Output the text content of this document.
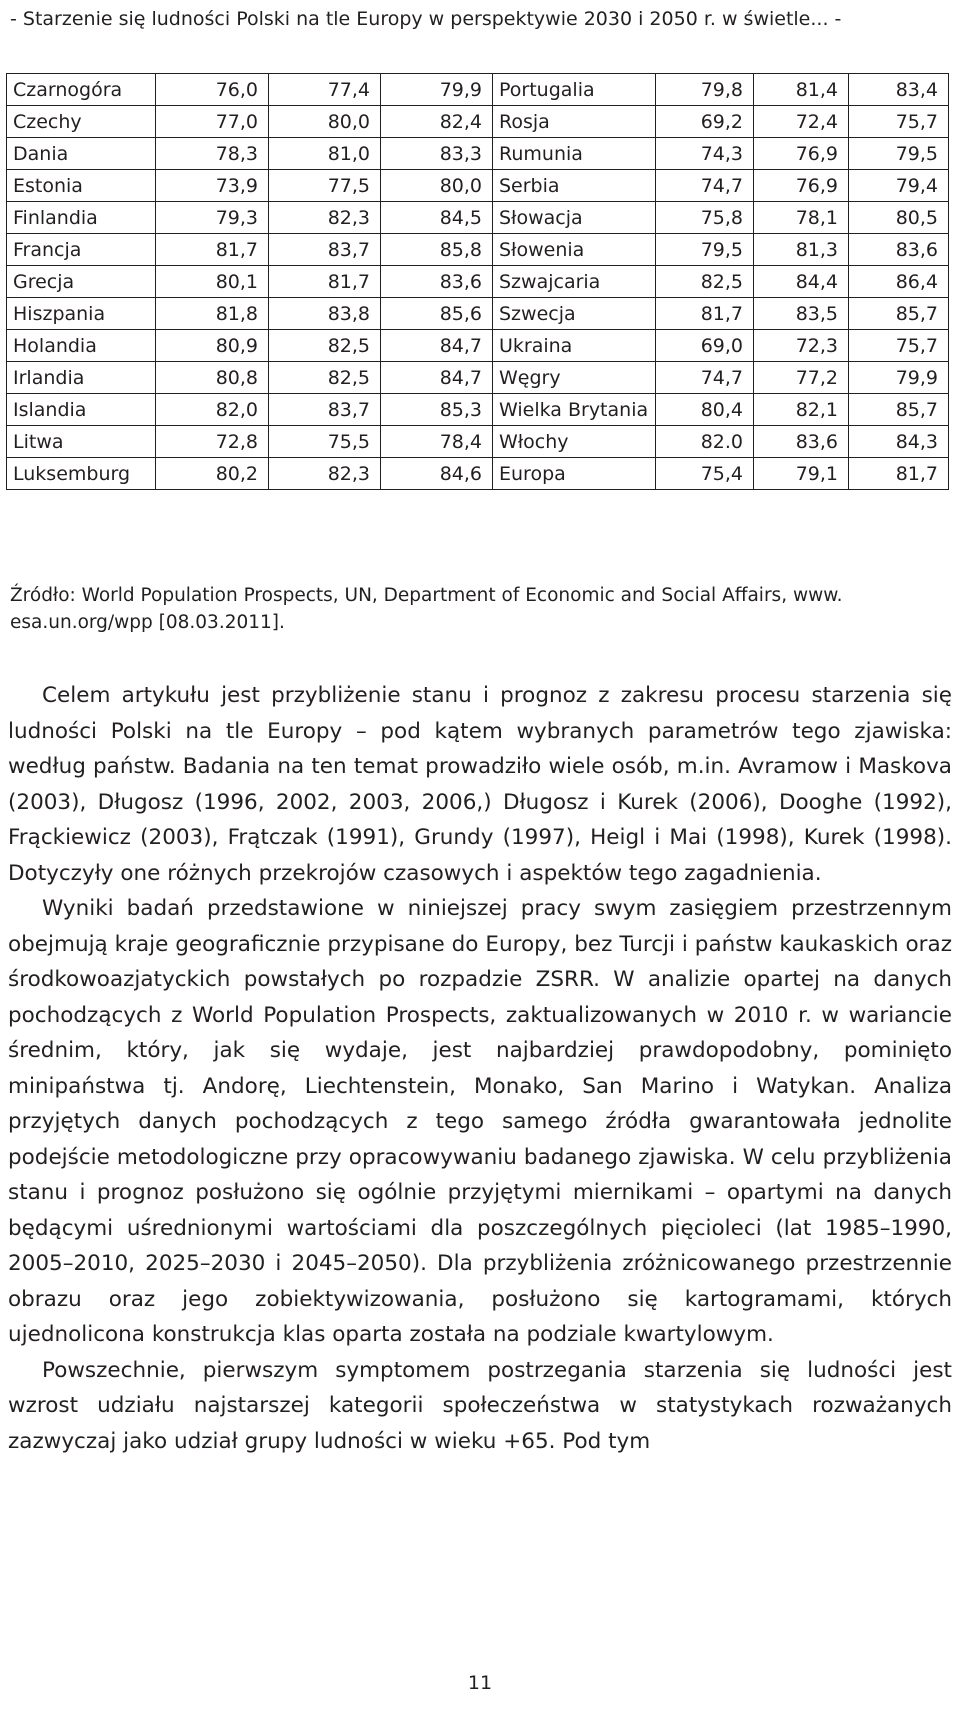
- Starzenie się ludności Polski na tle Europy w perspektywie 2030 i 2050 r. w świetle... -
Czarnogóra	76,0	77,4	79,9	Portugalia	79,8	81,4	83,4
Czechy	77,0	80,0	82,4	Rosja	69,2	72,4	75,7
Dania	78,3	81,0	83,3	Rumunia	74,3	76,9	79,5
Estonia	73,9	77,5	80,0	Serbia	74,7	76,9	79,4
Finlandia	79,3	82,3	84,5	Słowacja	75,8	78,1	80,5
Francja	81,7	83,7	85,8	Słowenia	79,5	81,3	83,6
Grecja	80,1	81,7	83,6	Szwajcaria	82,5	84,4	86,4
Hiszpania	81,8	83,8	85,6	Szwecja	81,7	83,5	85,7
Holandia	80,9	82,5	84,7	Ukraina	69,0	72,3	75,7
Irlandia	80,8	82,5	84,7	Węgry	74,7	77,2	79,9
Islandia	82,0	83,7	85,3	Wielka Brytania	80,4	82,1	85,7
Litwa	72,8	75,5	78,4	Włochy	82.0	83,6	84,3
Luksemburg	80,2	82,3	84,6	Europa	75,4	79,1	81,7
Źródło: World Population Prospects, UN, Department of Economic and Social Affairs, www. esa.un.org/wpp [08.03.2011].

Celem artykułu jest przybliżenie stanu i prognoz z zakresu procesu starzenia się ludności Polski na tle Europy – pod kątem wybranych parametrów tego zjawiska: według państw. Badania na ten temat prowadziło wiele osób, m.in. Avramow i Maskova (2003), Długosz (1996, 2002, 2003, 2006,) Długosz i Kurek (2006), Dooghe (1992), Frąckiewicz (2003), Frątczak (1991), Grundy (1997), Heigl i Mai (1998), Kurek (1998). Dotyczyły one różnych przekrojów czasowych i aspektów tego zagadnienia.

Wyniki badań przedstawione w niniejszej pracy swym zasięgiem przestrzennym obejmują kraje geograficznie przypisane do Europy, bez Turcji i państw kaukaskich oraz środkowoazjatyckich powstałych po rozpadzie ZSRR. W analizie opartej na danych pochodzących z World Population Prospects, zaktualizowanych w 2010 r. w wariancie średnim, który, jak się wydaje, jest najbardziej prawdopodobny, pominięto minipaństwa tj. Andorę, Liechtenstein, Monako, San Marino i Watykan. Analiza przyjętych danych pochodzących z tego samego źródła gwarantowała jednolite podejście metodologiczne przy opracowywaniu badanego zjawiska. W celu przybliżenia stanu i prognoz posłużono się ogólnie przyjętymi miernikami – opartymi na danych będącymi uśrednionymi wartościami dla poszczególnych pięcioleci (lat 1985–1990, 2005–2010, 2025–2030 i 2045–2050). Dla przybliżenia zróżnicowanego przestrzennie obrazu oraz jego zobiektywizowania, posłużono się kartogramami, których ujednolicona konstrukcja klas oparta została na podziale kwartylowym.

Powszechnie, pierwszym symptomem postrzegania starzenia się ludności jest wzrost udziału najstarszej kategorii społeczeństwa w statystykach rozważanych zazwyczaj jako udział grupy ludności w wieku +65. Pod tym

11
